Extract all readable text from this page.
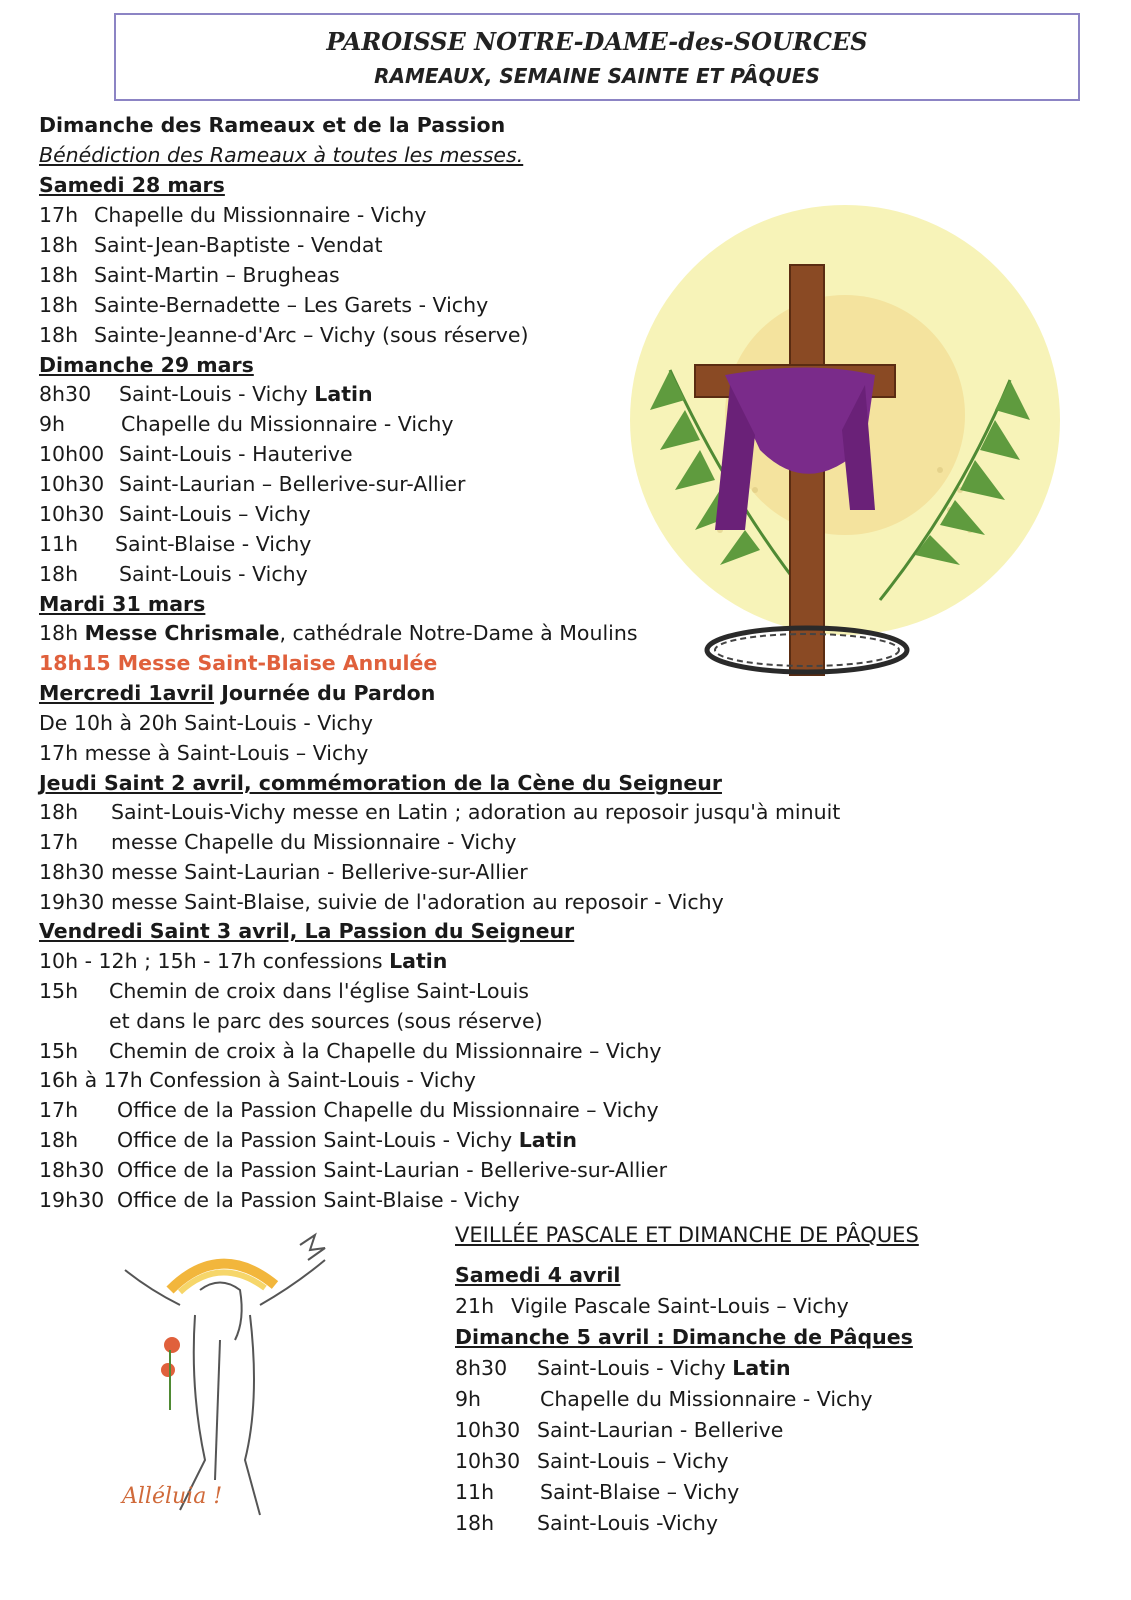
PAROISSE NOTRE-DAME-des-SOURCES
RAMEAUX, SEMAINE SAINTE ET PÂQUES
Dimanche des Rameaux et de la Passion
Bénédiction des Rameaux à toutes les messes.
Samedi 28 mars
17h Chapelle du Missionnaire - Vichy
18h Saint-Jean-Baptiste - Vendat
18h Saint-Martin – Brugheas
18h Sainte-Bernadette – Les Garets - Vichy
18h Sainte-Jeanne-d'Arc – Vichy (sous réserve)
Dimanche 29 mars
8h30 Saint-Louis - Vichy Latin
9h	Chapelle du Missionnaire - Vichy
10h00 Saint-Louis - Hauterive
10h30 Saint-Laurian – Bellerive-sur-Allier
10h30 Saint-Louis – Vichy
11h Saint-Blaise - Vichy
18h Saint-Louis - Vichy
Mardi 31 mars
18h Messe Chrismale, cathédrale Notre-Dame à Moulins
18h15 Messe Saint-Blaise Annulée
Mercredi 1avril Journée du Pardon
De 10h à 20h Saint-Louis - Vichy
17h messe à Saint-Louis – Vichy
Jeudi Saint 2 avril, commémoration de la Cène du Seigneur
18h Saint-Louis-Vichy messe en Latin ; adoration au reposoir jusqu'à minuit
17h messe Chapelle du Missionnaire - Vichy
18h30 messe Saint-Laurian - Bellerive-sur-Allier
19h30 messe Saint-Blaise, suivie de l'adoration au reposoir - Vichy
Vendredi Saint 3 avril, La Passion du Seigneur
10h - 12h ; 15h - 17h confessions Latin
15h Chemin de croix dans l'église Saint-Louis
et dans le parc des sources (sous réserve)
15h Chemin de croix à la Chapelle du Missionnaire – Vichy
16h à 17h Confession à Saint-Louis - Vichy
17h Office de la Passion Chapelle du Missionnaire – Vichy
18h Office de la Passion Saint-Louis - Vichy Latin
18h30 Office de la Passion Saint-Laurian - Bellerive-sur-Allier
19h30 Office de la Passion Saint-Blaise - Vichy
VEILLÉE PASCALE ET DIMANCHE DE PÂQUES
Samedi 4 avril
21h Vigile Pascale Saint-Louis – Vichy
Dimanche 5 avril : Dimanche de Pâques
8h30 Saint-Louis - Vichy Latin
9h	Chapelle du Missionnaire - Vichy
10h30 Saint-Laurian - Bellerive
10h30 Saint-Louis – Vichy
11h Saint-Blaise – Vichy
18h Saint-Louis -Vichy
Alléluia !
